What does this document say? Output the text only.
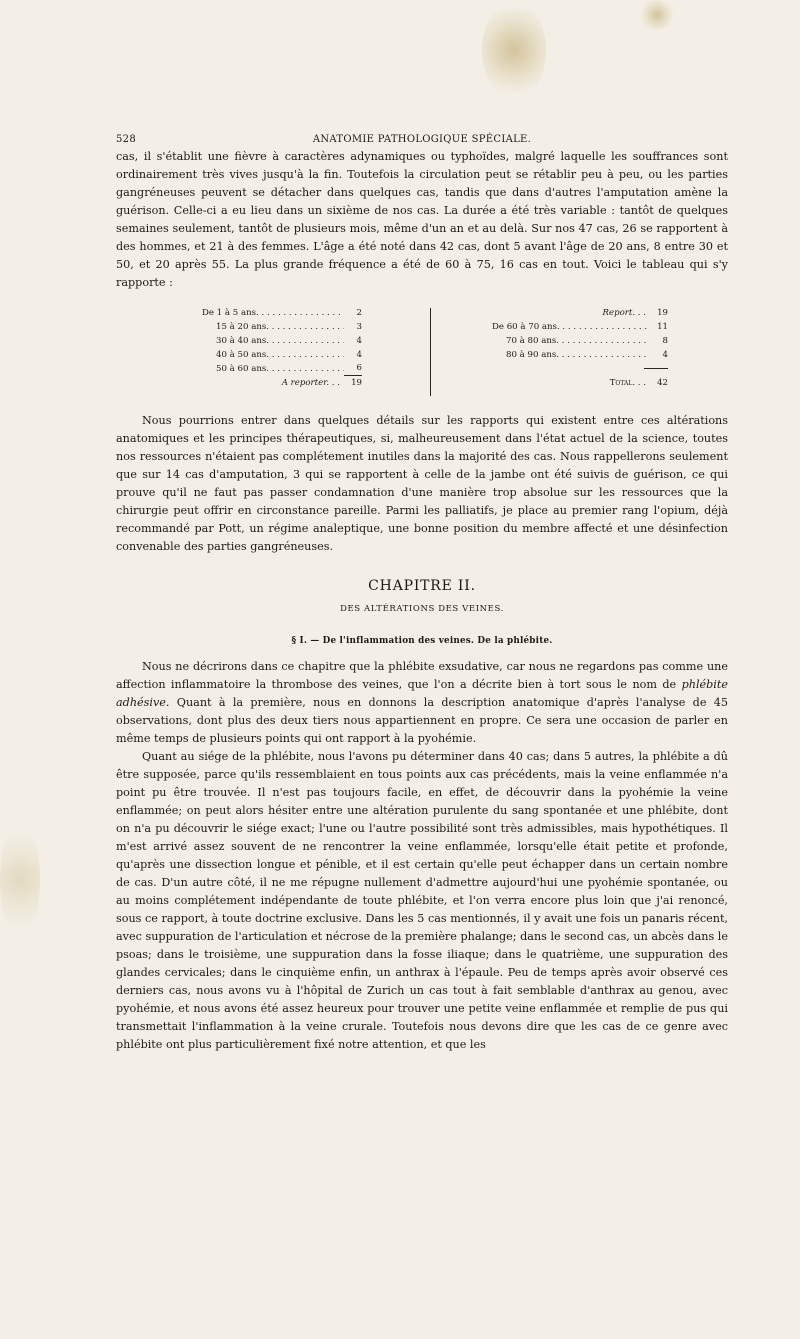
528	ANATOMIE PATHOLOGIQUE SPÉCIALE.

cas, il s'établit une fièvre à caractères adynamiques ou typhoïdes, malgré laquelle les souffrances sont ordinairement très vives jusqu'à la fin. Toutefois la circulation peut se rétablir peu à peu, ou les parties gangréneuses peuvent se détacher dans quelques cas, tandis que dans d'autres l'amputation amène la guérison. Celle-ci a eu lieu dans un sixième de nos cas. La durée a été très variable : tantôt de quelques semaines seulement, tantôt de plusieurs mois, même d'un an et au delà. Sur nos 47 cas, 26 se rapportent à des hommes, et 21 à des femmes. L'âge a été noté dans 42 cas, dont 5 avant l'âge de 20 ans, 8 entre 30 et 50, et 20 après 55. La plus grande fréquence a été de 60 à 75, 16 cas en tout. Voici le tableau qui s'y rapporte :

De 1 à 5 ans . . .	2
15 à 20 ans . . .	3
30 à 40 ans . . .	4
40 à 50 ans . . .	4
50 à 60 ans . . .	6
A reporter. . .	19
Report. . .	19
De 60 à 70 ans . . .	11
70 à 80 ans . . .	8
80 à 90 ans . . .	4
Total. . .	42

Nous pourrions entrer dans quelques détails sur les rapports qui existent entre ces altérations anatomiques et les principes thérapeutiques, si, malheureusement dans l'état actuel de la science, toutes nos ressources n'étaient pas complétement inutiles dans la majorité des cas. Nous rappellerons seulement que sur 14 cas d'amputation, 3 qui se rapportent à celle de la jambe ont été suivis de guérison, ce qui prouve qu'il ne faut pas passer condamnation d'une manière trop absolue sur les ressources que la chirurgie peut offrir en circonstance pareille. Parmi les palliatifs, je place au premier rang l'opium, déjà recommandé par Pott, un régime analeptique, une bonne position du membre affecté et une désinfection convenable des parties gangréneuses.

CHAPITRE II.
DES ALTÉRATIONS DES VEINES.
§ I. — De l'inflammation des veines. De la phlébite.

Nous ne décrirons dans ce chapitre que la phlébite exsudative, car nous ne regardons pas comme une affection inflammatoire la thrombose des veines, que l'on a décrite bien à tort sous le nom de phlébite adhésive. Quant à la première, nous en donnons la description anatomique d'après l'analyse de 45 observations, dont plus des deux tiers nous appartiennent en propre. Ce sera une occasion de parler en même temps de plusieurs points qui ont rapport à la pyohémie.

Quant au siége de la phlébite, nous l'avons pu déterminer dans 40 cas; dans 5 autres, la phlébite a dû être supposée, parce qu'ils ressemblaient en tous points aux cas précédents, mais la veine enflammée n'a point pu être trouvée. Il n'est pas toujours facile, en effet, de découvrir dans la pyohémie la veine enflammée; on peut alors hésiter entre une altération purulente du sang spontanée et une phlébite, dont on n'a pu découvrir le siége exact; l'une ou l'autre possibilité sont très admissibles, mais hypothétiques. Il m'est arrivé assez souvent de ne rencontrer la veine enflammée, lorsqu'elle était petite et profonde, qu'après une dissection longue et pénible, et il est certain qu'elle peut échapper dans un certain nombre de cas. D'un autre côté, il ne me répugne nullement d'admettre aujourd'hui une pyohémie spontanée, ou au moins complétement indépendante de toute phlébite, et l'on verra encore plus loin que j'ai renoncé, sous ce rapport, à toute doctrine exclusive. Dans les 5 cas mentionnés, il y avait une fois un panaris récent, avec suppuration de l'articulation et nécrose de la première phalange; dans le second cas, un abcès dans le psoas; dans le troisième, une suppuration dans la fosse iliaque; dans le quatrième, une suppuration des glandes cervicales; dans le cinquième enfin, un anthrax à l'épaule. Peu de temps après avoir observé ces derniers cas, nous avons vu à l'hôpital de Zurich un cas tout à fait semblable d'anthrax au genou, avec pyohémie, et nous avons été assez heureux pour trouver une petite veine enflammée et remplie de pus qui transmettait l'inflammation à la veine crurale. Toutefois nous devons dire que les cas de ce genre avec phlébite ont plus particulièrement fixé notre attention, et que les
